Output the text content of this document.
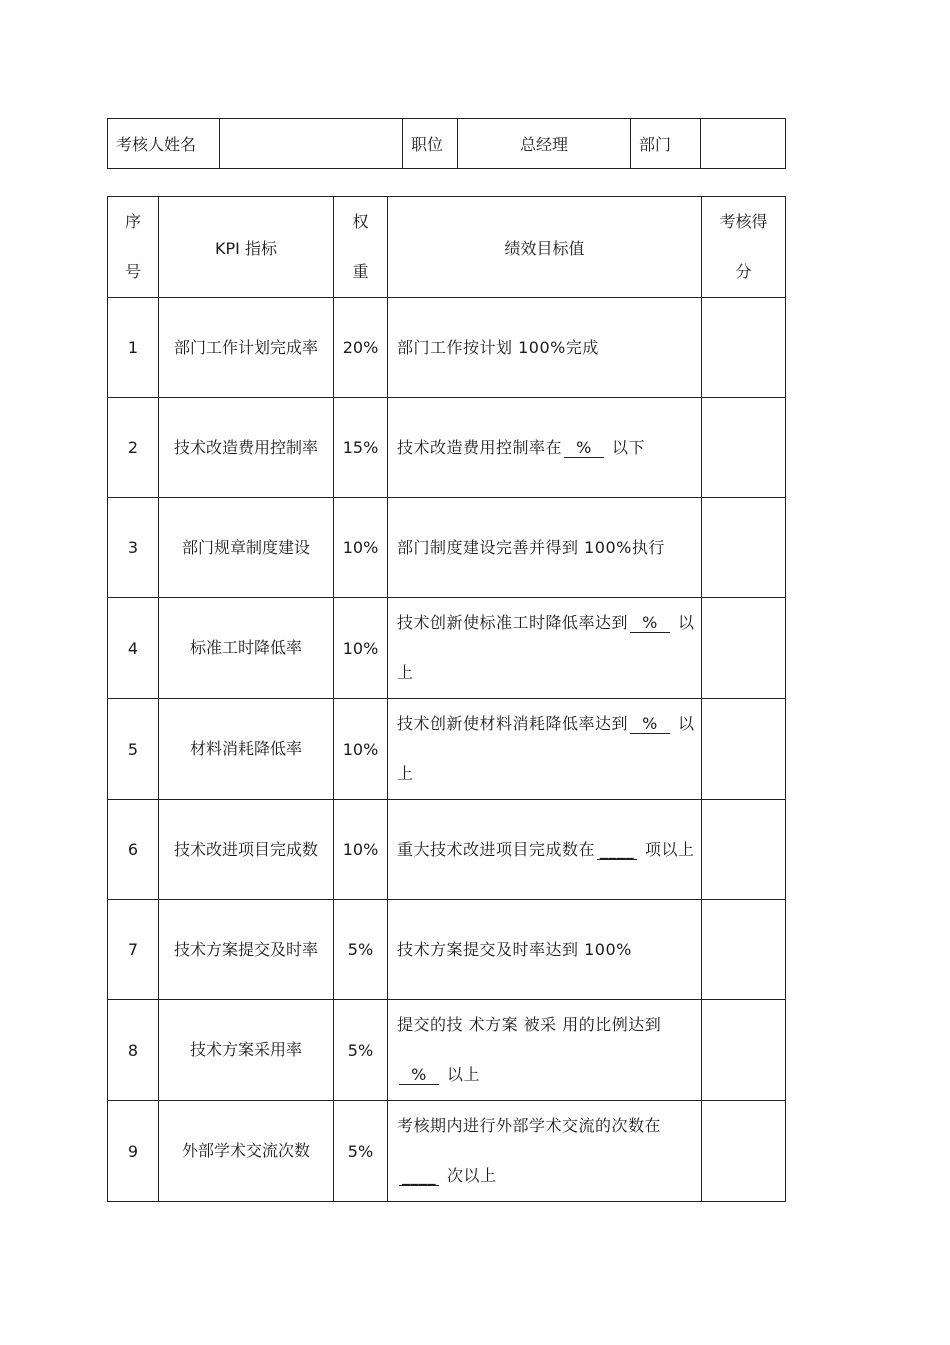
考核人姓名		职位	总经理	部门	
序号	KPI 指标	权重	绩效目标值	考核得分

1	部门工作计划完成率	20%	部门工作按计划 100%完成	
2	技术改造费用控制率	15%	技术改造费用控制率在 % 以下	
3	部门规章制度建设	10%	部门制度建设完善并得到 100%执行	
4	标准工时降低率	10%	技术创新使标准工时降低率达到 % 以上	
5	材料消耗降低率	10%	技术创新使材料消耗降低率达到 % 以上	
6	技术改进项目完成数	10%	重大技术改进项目完成数在 ____ 项以上	
7	技术方案提交及时率	5%	技术方案提交及时率达到 100%	
8	技术方案采用率	5%	提交的技 术方案 被采 用的比例达到% 以上	
9	外部学术交流次数	5%	考核期内进行外部学术交流的次数在____ 次以上	
